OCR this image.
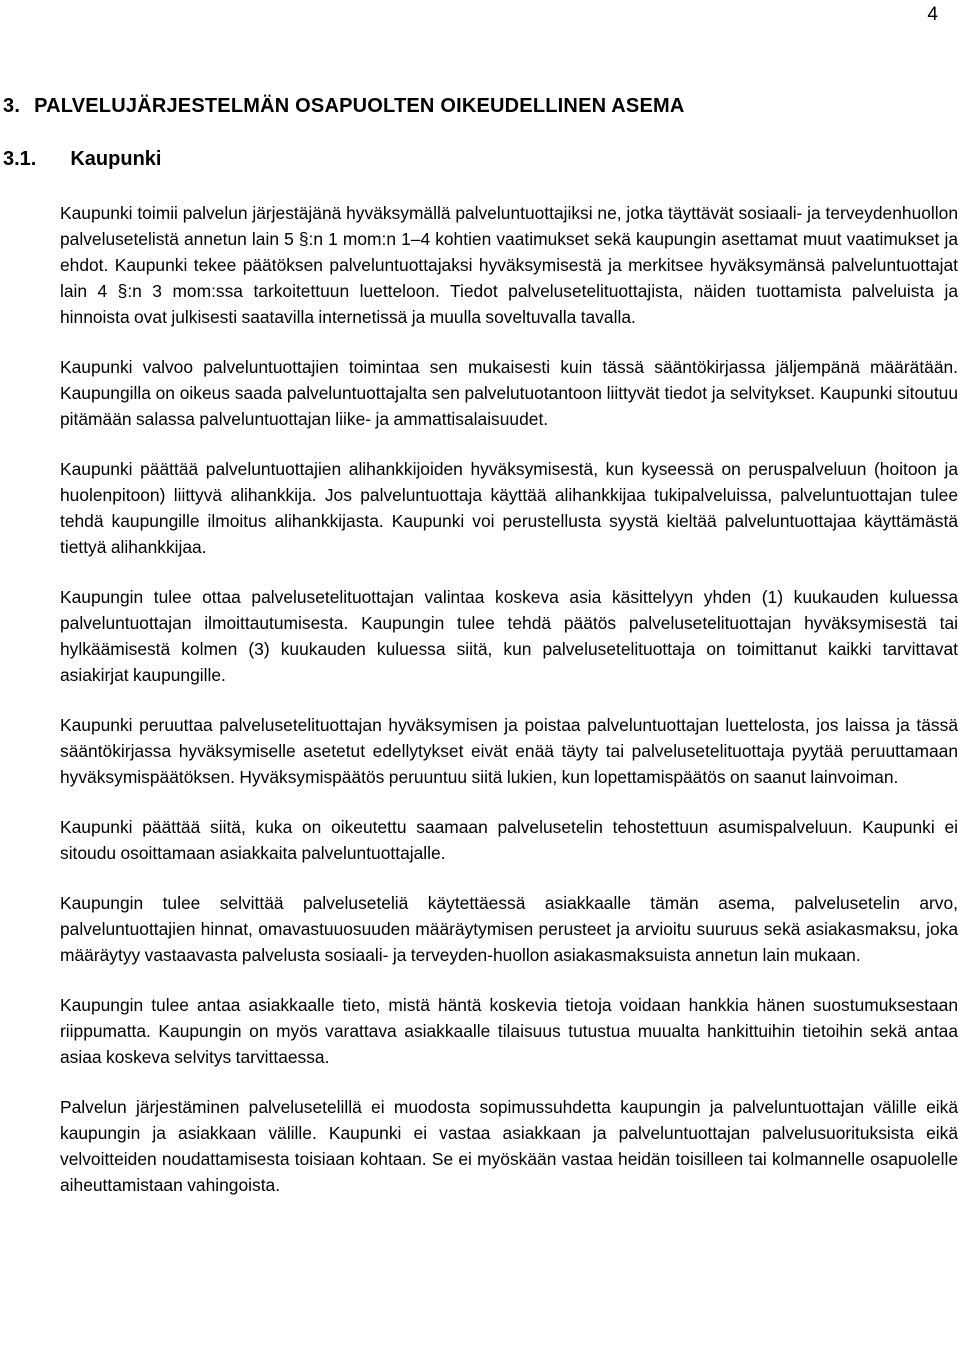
4
3. PALVELUJÄRJESTELMÄN OSAPUOLTEN OIKEUDELLINEN ASEMA
3.1. Kaupunki

Kaupunki toimii palvelun järjestäjänä hyväksymällä palveluntuottajiksi ne, jotka täyttävät sosiaali- ja terveydenhuollon palvelusetelistä annetun lain 5 §:n 1 mom:n 1–4 kohtien vaatimukset sekä kaupungin asettamat muut vaatimukset ja ehdot. Kaupunki tekee päätöksen palveluntuottajaksi hyväksymisestä ja merkitsee hyväksymänsä palveluntuottajat lain 4 §:n 3 mom:ssa tarkoitettuun luetteloon. Tiedot palvelusetelituottajista, näiden tuottamista palveluista ja hinnoista ovat julkisesti saatavilla internetissä ja muulla soveltuvalla tavalla.

Kaupunki valvoo palveluntuottajien toimintaa sen mukaisesti kuin tässä sääntökirjassa jäljempänä määrätään. Kaupungilla on oikeus saada palveluntuottajalta sen palvelutuotantoon liittyvät tiedot ja selvitykset. Kaupunki sitoutuu pitämään salassa palveluntuottajan liike- ja ammattisalaisuudet.

Kaupunki päättää palveluntuottajien alihankkijoiden hyväksymisestä, kun kyseessä on peruspalveluun (hoitoon ja huolenpitoon) liittyvä alihankkija. Jos palveluntuottaja käyttää alihankkijaa tukipalveluissa, palveluntuottajan tulee tehdä kaupungille ilmoitus alihankkijasta. Kaupunki voi perustellusta syystä kieltää palveluntuottajaa käyttämästä tiettyä alihankkijaa.

Kaupungin tulee ottaa palvelusetelituottajan valintaa koskeva asia käsittelyyn yhden (1) kuukauden kuluessa palveluntuottajan ilmoittautumisesta. Kaupungin tulee tehdä päätös palvelusetelituottajan hyväksymisestä tai hylkäämisestä kolmen (3) kuukauden kuluessa siitä, kun palvelusetelituottaja on toimittanut kaikki tarvittavat asiakirjat kaupungille.

Kaupunki peruuttaa palvelusetelituottajan hyväksymisen ja poistaa palveluntuottajan luettelosta, jos laissa ja tässä sääntökirjassa hyväksymiselle asetetut edellytykset eivät enää täyty tai palvelusetelituottaja pyytää peruuttamaan hyväksymispäätöksen. Hyväksymispäätös peruuntuu siitä lukien, kun lopettamispäätös on saanut lainvoiman.

Kaupunki päättää siitä, kuka on oikeutettu saamaan palvelusetelin tehostettuun asumispalveluun. Kaupunki ei sitoudu osoittamaan asiakkaita palveluntuottajalle.

Kaupungin tulee selvittää palveluseteliä käytettäessä asiakkaalle tämän asema, palvelusetelin arvo, palveluntuottajien hinnat, omavastuuosuuden määräytymisen perusteet ja arvioitu suuruus sekä asiakasmaksu, joka määräytyy vastaavasta palvelusta sosiaali- ja terveyden-huollon asiakasmaksuista annetun lain mukaan.

Kaupungin tulee antaa asiakkaalle tieto, mistä häntä koskevia tietoja voidaan hankkia hänen suostumuksestaan riippumatta. Kaupungin on myös varattava asiakkaalle tilaisuus tutustua muualta hankittuihin tietoihin sekä antaa asiaa koskeva selvitys tarvittaessa.

Palvelun järjestäminen palvelusetelillä ei muodosta sopimussuhdetta kaupungin ja palveluntuottajan välille eikä kaupungin ja asiakkaan välille. Kaupunki ei vastaa asiakkaan ja palveluntuottajan palvelusuorituksista eikä velvoitteiden noudattamisesta toisiaan kohtaan. Se ei myöskään vastaa heidän toisilleen tai kolmannelle osapuolelle aiheuttamistaan vahingoista.
